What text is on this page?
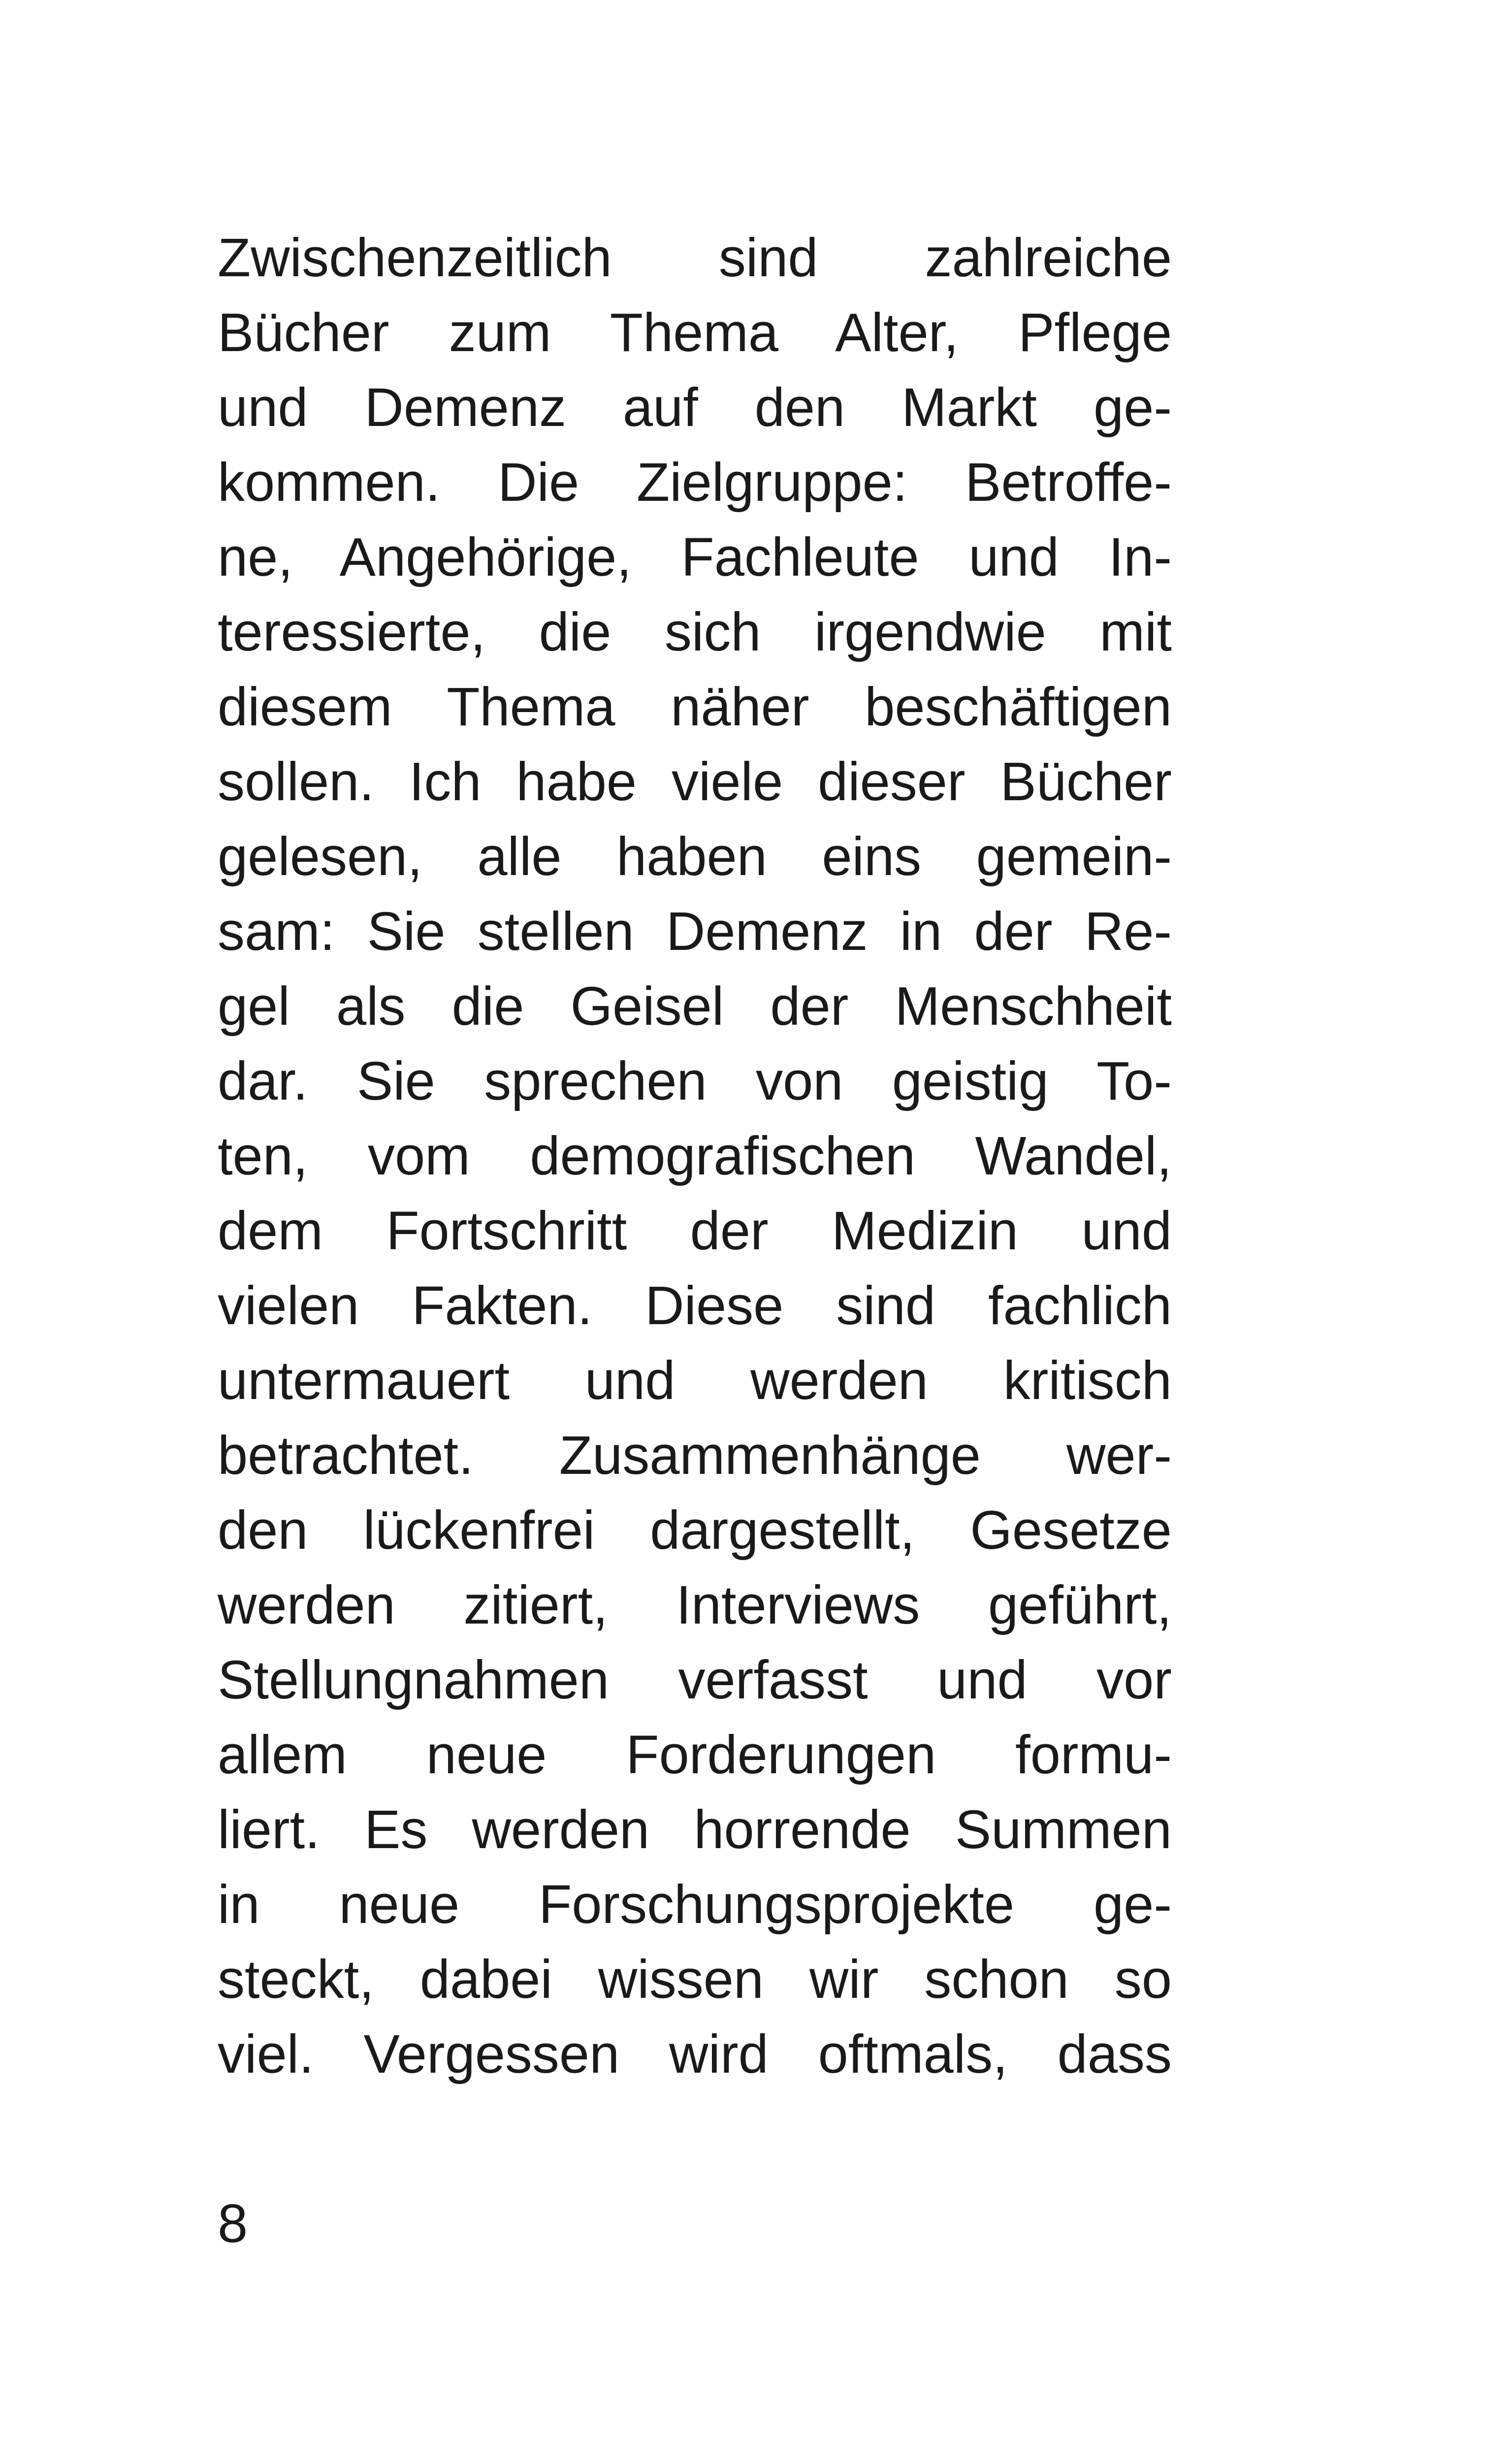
Zwischenzeitlich sind zahlreiche
Bücher zum Thema Alter, Pflege
und Demenz auf den Markt ge-
kommen. Die Zielgruppe: Betroffe-
ne, Angehörige, Fachleute und In-
teressierte, die sich irgendwie mit
diesem Thema näher beschäftigen
sollen. Ich habe viele dieser Bücher
gelesen, alle haben eins gemein-
sam: Sie stellen Demenz in der Re-
gel als die Geisel der Menschheit
dar. Sie sprechen von geistig To-
ten, vom demografischen Wandel,
dem Fortschritt der Medizin und
vielen Fakten. Diese sind fachlich
untermauert und werden kritisch
betrachtet. Zusammenhänge wer-
den lückenfrei dargestellt, Gesetze
werden zitiert, Interviews geführt,
Stellungnahmen verfasst und vor
allem neue Forderungen formu-
liert. Es werden horrende Summen
in neue Forschungsprojekte ge-
steckt, dabei wissen wir schon so
viel. Vergessen wird oftmals, dass
8
